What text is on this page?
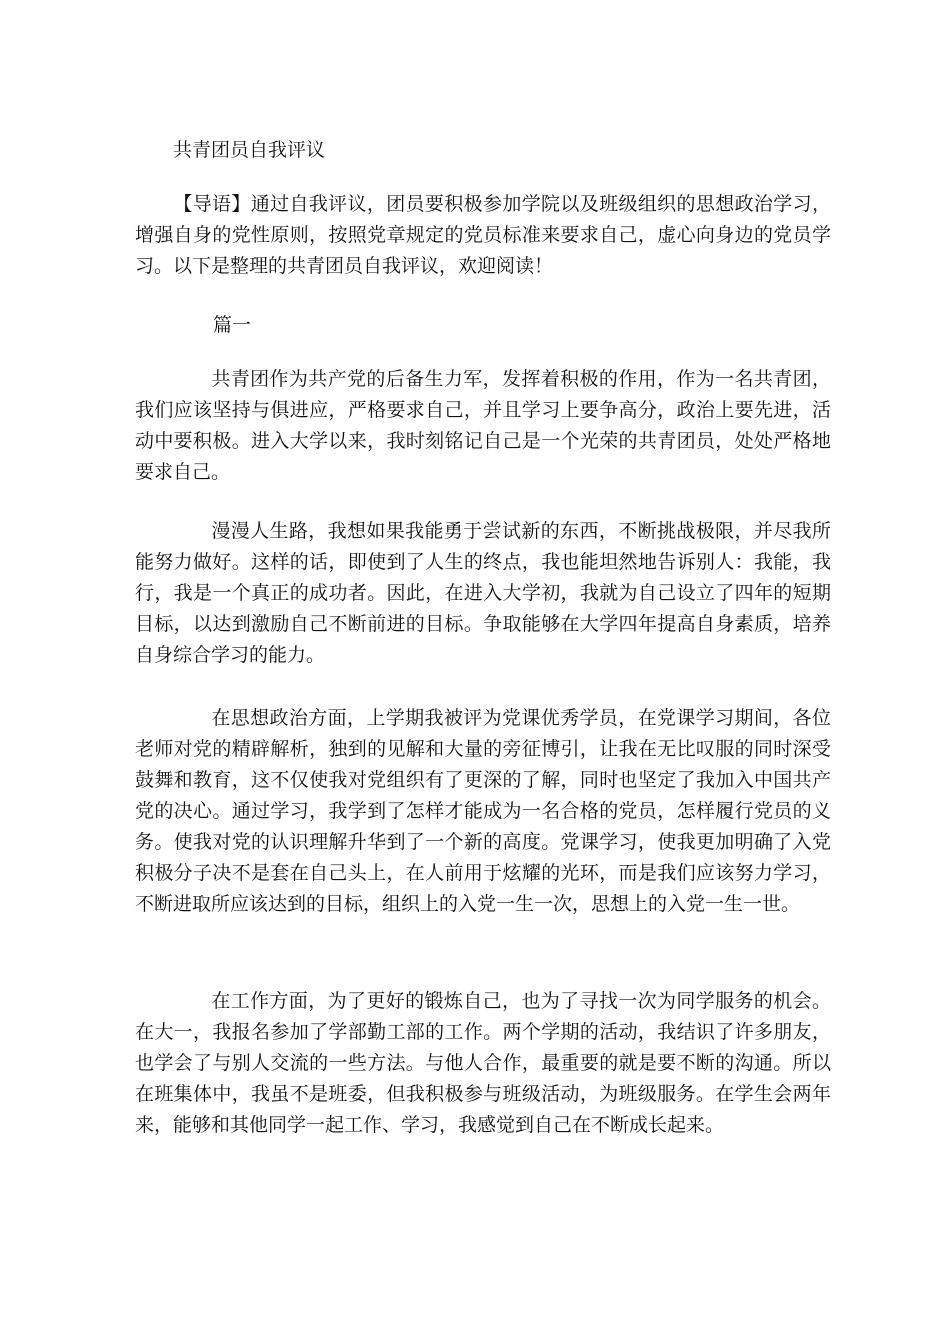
共青团员自我评议

【导语】通过自我评议，团员要积极参加学院以及班级组织的思想政治学习，增强自身的党性原则，按照党章规定的党员标准来要求自己，虚心向身边的党员学习。以下是整理的共青团员自我评议，欢迎阅读！

篇一

共青团作为共产党的后备生力军，发挥着积极的作用，作为一名共青团，我们应该坚持与俱进应，严格要求自己，并且学习上要争高分，政治上要先进，活动中要积极。进入大学以来，我时刻铭记自己是一个光荣的共青团员，处处严格地要求自己。

漫漫人生路，我想如果我能勇于尝试新的东西，不断挑战极限，并尽我所能努力做好。这样的话，即使到了人生的终点，我也能坦然地告诉别人：我能，我行，我是一个真正的成功者。因此，在进入大学初，我就为自己设立了四年的短期目标，以达到激励自己不断前进的目标。争取能够在大学四年提高自身素质，培养自身综合学习的能力。

在思想政治方面，上学期我被评为党课优秀学员，在党课学习期间，各位老师对党的精辟解析，独到的见解和大量的旁征博引，让我在无比叹服的同时深受鼓舞和教育，这不仅使我对党组织有了更深的了解，同时也坚定了我加入中国共产党的决心。通过学习，我学到了怎样才能成为一名合格的党员，怎样履行党员的义务。使我对党的认识理解升华到了一个新的高度。党课学习，使我更加明确了入党积极分子决不是套在自己头上，在人前用于炫耀的光环，而是我们应该努力学习，不断进取所应该达到的目标，组织上的入党一生一次，思想上的入党一生一世。

在工作方面，为了更好的锻炼自己，也为了寻找一次为同学服务的机会。在大一，我报名参加了学部勤工部的工作。两个学期的活动，我结识了许多朋友，也学会了与别人交流的一些方法。与他人合作，最重要的就是要不断的沟通。所以在班集体中，我虽不是班委，但我积极参与班级活动，为班级服务。在学生会两年来，能够和其他同学一起工作、学习，我感觉到自己在不断成长起来。
